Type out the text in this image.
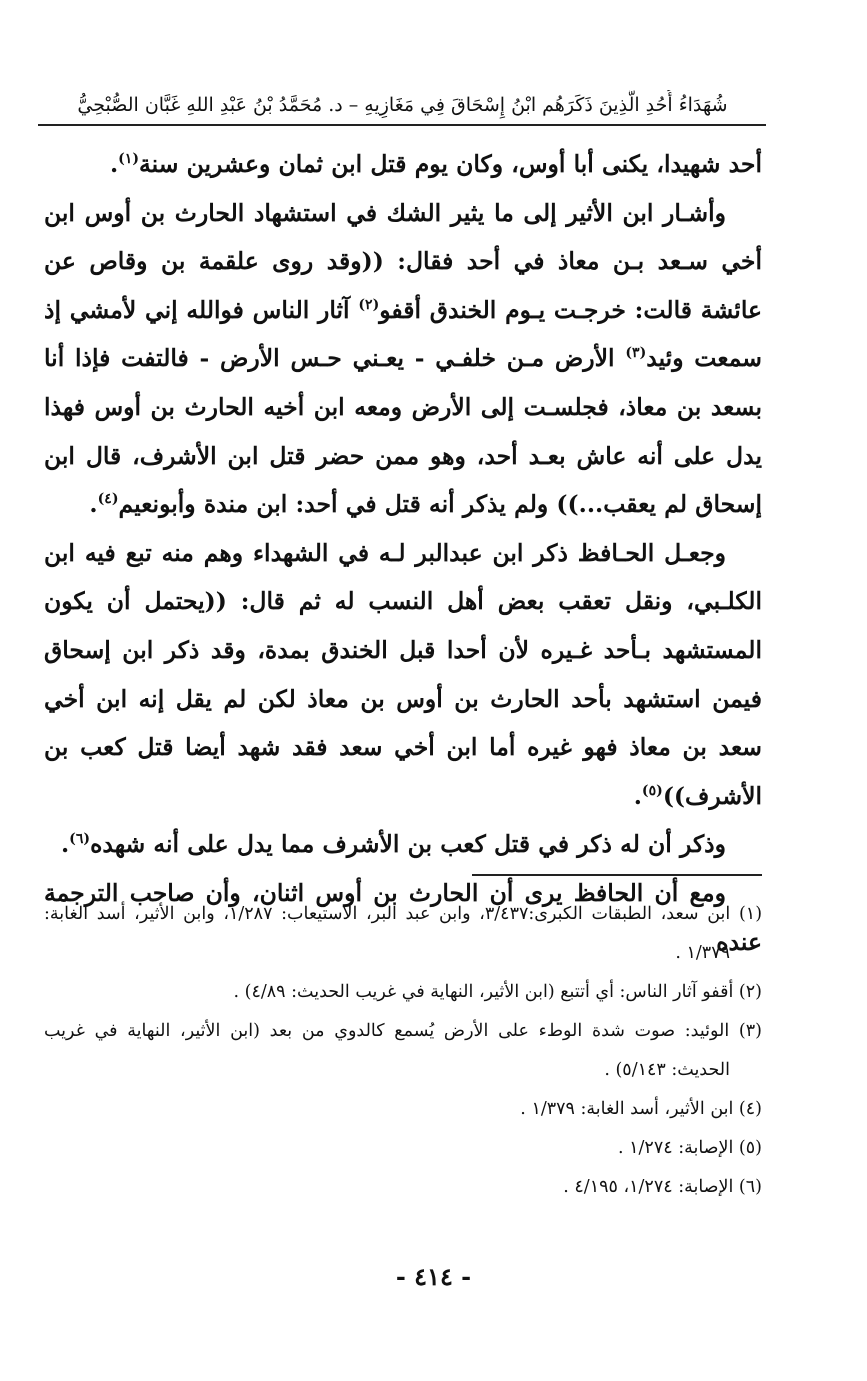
شُهَدَاءُ أُحُدِ الَّذِينَ ذَكَرَهُم ابْنُ إِسْحَاقَ فِي مَغَازِيهِ – د. مُحَمَّدُ بْنُ عَبْدِ اللهِ غَبَّان الصُّبْحِيُّ

أحد شهيدا، يكنى أبا أوس، وكان يوم قتل ابن ثمان وعشرين سنة$^{(١)}$.

وأشـار ابن الأثير إلى ما يثير الشك في استشهاد الحارث بن أوس ابن أخي سـعد بـن معاذ في أحد فقال: ((وقد روى علقمة بن وقاص عن عائشة قالت: خرجـت يـوم الخندق أقفو$^{(٢)}$ آثار الناس فوالله إني لأمشي إذ سمعت وئيد$^{(٣)}$ الأرض مـن خلفـي - يعـني حـس الأرض - فالتفت فإذا أنا بسعد بن معاذ، فجلسـت إلى الأرض ومعه ابن أخيه الحارث بن أوس فهذا يدل على أنه عاش بعـد أحد، وهو ممن حضر قتل ابن الأشرف، قال ابن إسحاق لم يعقب...)) ولم يذكر أنه قتل في أحد: ابن مندة وأبونعيم$^{(٤)}$.

وجعـل الحـافظ ذكر ابن عبدالبر لـه في الشهداء وهم منه تبع فيه ابن الكلـبي، ونقل تعقب بعض أهل النسب له ثم قال: ((يحتمل أن يكون المستشهد بـأحد غـيره لأن أحدا قبل الخندق بمدة، وقد ذكر ابن إسحاق فيمن استشهد بأحد الحارث بن أوس بن معاذ لكن لم يقل إنه ابن أخي سعد بن معاذ فهو غيره أما ابن أخي سعد فقد شهد أيضا قتل كعب بن الأشرف))$^{(٥)}$.

وذكر أن له ذكر في قتل كعب بن الأشرف مما يدل على أنه شهده$^{(٦)}$.

ومع أن الحافظ يرى أن الحارث بن أوس اثنان، وأن صاحب الترجمة عنده

(١) ابن سعد، الطبقات الكبرى:٣/٤٣٧، وابن عبد البر، الاستيعاب: ١/٢٨٧، وابن الأثير، أسد الغابة: ١/٣٧٩ .

(٢) أقفو آثار الناس: أي أتتبع (ابن الأثير، النهاية في غريب الحديث: ٤/٨٩) .

(٣) الوئيد: صوت شدة الوطء على الأرض يُسمع كالدوي من بعد (ابن الأثير، النهاية في غريب الحديث: ٥/١٤٣) .

(٤) ابن الأثير، أسد الغابة: ١/٣٧٩ .

(٥) الإصابة: ١/٢٧٤ .

(٦) الإصابة: ١/٢٧٤، ٤/١٩٥ .

- ٤١٤ -
